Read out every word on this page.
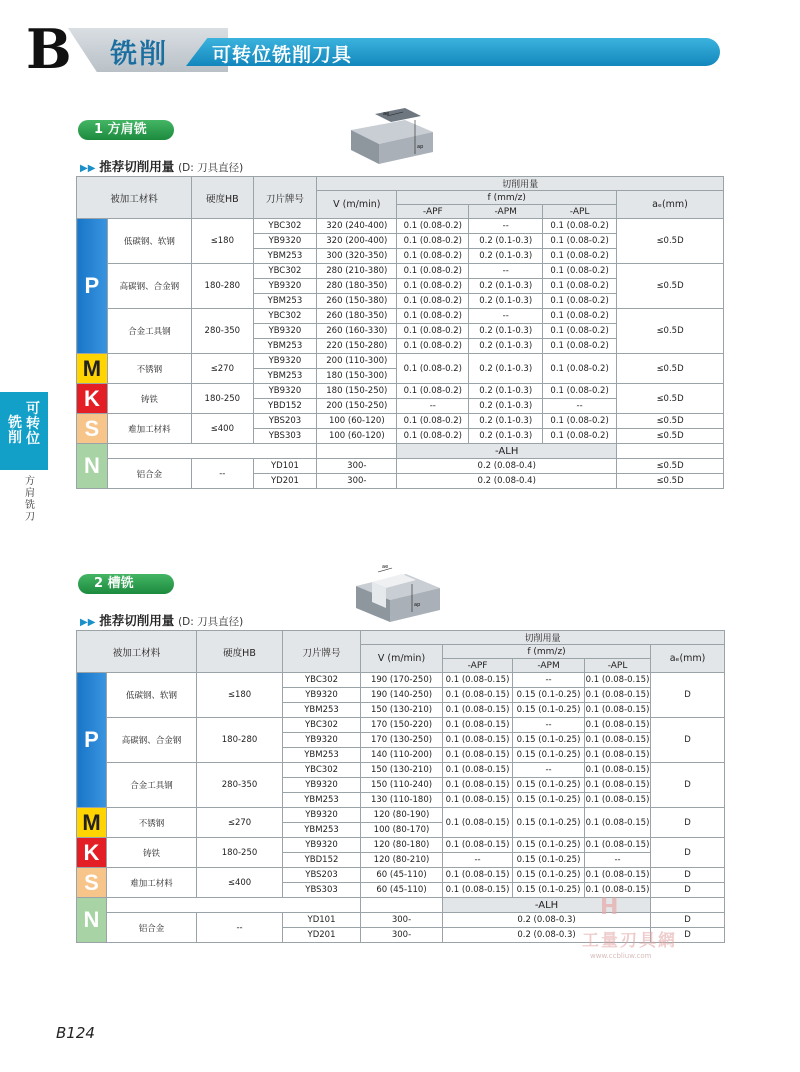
B 铣削 可转位铣削刀具
可转位
铣削
方肩铣刀
1 方肩铣
▶▶ 推荐切削用量 (D: 刀具直径)
ae
ap
被加工材料		硬度HB	刀片牌号	切削用量				
				V (m/min)	f (mm/z)			aₑ(mm)
					-APF	-APM	-APL	
P	低碳钢、软钢	≤180	YBC302	320 (240-400)	0.1 (0.08-0.2)	--	0.1 (0.08-0.2)	≤0.5D
			YB9320	320 (200-400)	0.1 (0.08-0.2)	0.2 (0.1-0.3)	0.1 (0.08-0.2)	
			YBM253	300 (320-350)	0.1 (0.08-0.2)	0.2 (0.1-0.3)	0.1 (0.08-0.2)	
	高碳钢、合金钢	180-280	YBC302	280 (210-380)	0.1 (0.08-0.2)	--	0.1 (0.08-0.2)	≤0.5D
			YB9320	280 (180-350)	0.1 (0.08-0.2)	0.2 (0.1-0.3)	0.1 (0.08-0.2)	
			YBM253	260 (150-380)	0.1 (0.08-0.2)	0.2 (0.1-0.3)	0.1 (0.08-0.2)	
	合金工具钢	280-350	YBC302	260 (180-350)	0.1 (0.08-0.2)	--	0.1 (0.08-0.2)	≤0.5D
			YB9320	260 (160-330)	0.1 (0.08-0.2)	0.2 (0.1-0.3)	0.1 (0.08-0.2)	
			YBM253	220 (150-280)	0.1 (0.08-0.2)	0.2 (0.1-0.3)	0.1 (0.08-0.2)	
M	不锈钢	≤270	YB9320	200 (110-300)	0.1 (0.08-0.2)	0.2 (0.1-0.3)	0.1 (0.08-0.2)	≤0.5D
			YBM253	180 (150-300)				
K	铸铁	180-250	YB9320	180 (150-250)	0.1 (0.08-0.2)	0.2 (0.1-0.3)	0.1 (0.08-0.2)	≤0.5D
			YBD152	200 (150-250)	--	0.2 (0.1-0.3)	--	
S	难加工材料	≤400	YBS203	100 (60-120)	0.1 (0.08-0.2)	0.2 (0.1-0.3)	0.1 (0.08-0.2)	≤0.5D
			YBS303	100 (60-120)	0.1 (0.08-0.2)	0.2 (0.1-0.3)	0.1 (0.08-0.2)	≤0.5D
N					-ALH			
	铝合金	--	YD101	300-	0.2 (0.08-0.4)			≤0.5D
			YD201	300-	0.2 (0.08-0.4)			≤0.5D
2 槽铣
▶▶ 推荐切削用量 (D: 刀具直径)
ae
ap
被加工材料		硬度HB	刀片牌号	切削用量				
				V (m/min)	f (mm/z)			aₑ(mm)
					-APF	-APM	-APL	
P	低碳钢、软钢	≤180	YBC302	190 (170-250)	0.1 (0.08-0.15)	--	0.1 (0.08-0.15)	D
			YB9320	190 (140-250)	0.1 (0.08-0.15)	0.15 (0.1-0.25)	0.1 (0.08-0.15)	
			YBM253	150 (130-210)	0.1 (0.08-0.15)	0.15 (0.1-0.25)	0.1 (0.08-0.15)	
	高碳钢、合金钢	180-280	YBC302	170 (150-220)	0.1 (0.08-0.15)	--	0.1 (0.08-0.15)	D
			YB9320	170 (130-250)	0.1 (0.08-0.15)	0.15 (0.1-0.25)	0.1 (0.08-0.15)	
			YBM253	140 (110-200)	0.1 (0.08-0.15)	0.15 (0.1-0.25)	0.1 (0.08-0.15)	
	合金工具钢	280-350	YBC302	150 (130-210)	0.1 (0.08-0.15)	--	0.1 (0.08-0.15)	D
			YB9320	150 (110-240)	0.1 (0.08-0.15)	0.15 (0.1-0.25)	0.1 (0.08-0.15)	
			YBM253	130 (110-180)	0.1 (0.08-0.15)	0.15 (0.1-0.25)	0.1 (0.08-0.15)	
M	不锈钢	≤270	YB9320	120 (80-190)	0.1 (0.08-0.15)	0.15 (0.1-0.25)	0.1 (0.08-0.15)	D
			YBM253	100 (80-170)				
K	铸铁	180-250	YB9320	120 (80-180)	0.1 (0.08-0.15)	0.15 (0.1-0.25)	0.1 (0.08-0.15)	D
			YBD152	120 (80-210)	--	0.15 (0.1-0.25)	--	
S	难加工材料	≤400	YBS203	60 (45-110)	0.1 (0.08-0.15)	0.15 (0.1-0.25)	0.1 (0.08-0.15)	D
			YBS303	60 (45-110)	0.1 (0.08-0.15)	0.15 (0.1-0.25)	0.1 (0.08-0.15)	D
N					-ALH			
	铝合金	--	YD101	300-	0.2 (0.08-0.3)			D
			YD201	300-	0.2 (0.08-0.3)			D
H
工量刃具網
www.ccbliuw.com
B124
